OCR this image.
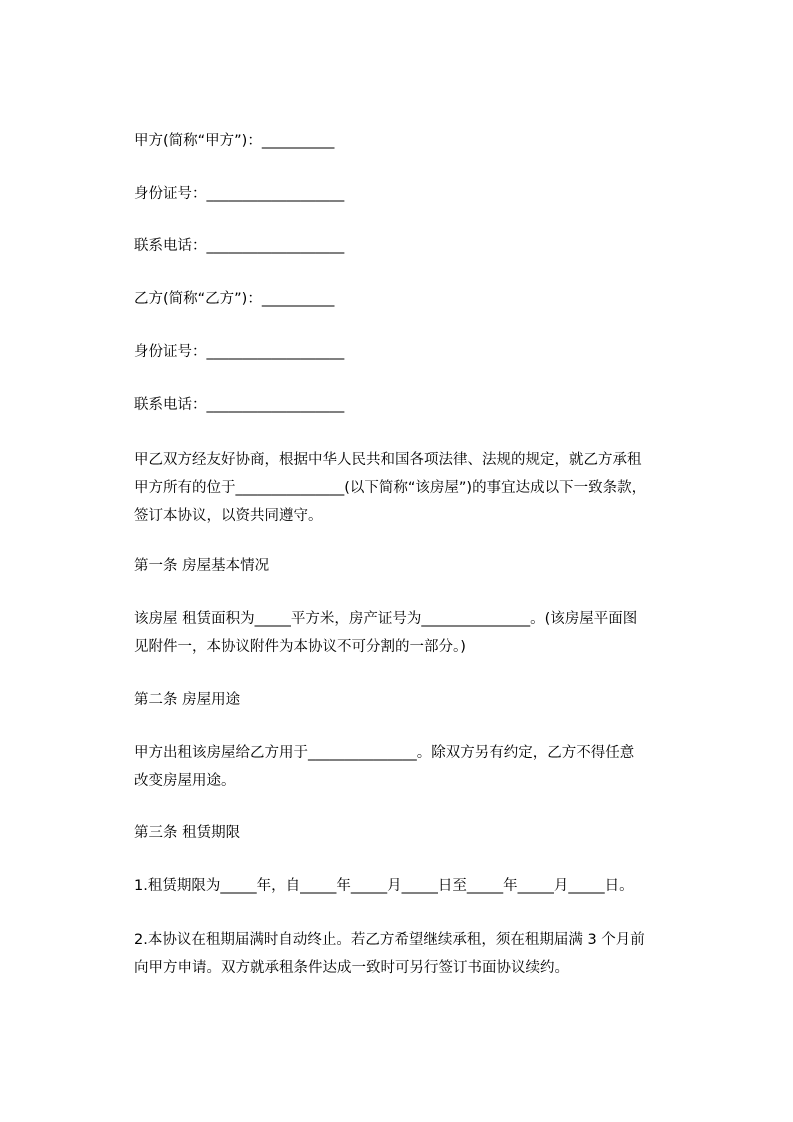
甲方(简称“甲方”)：__________
身份证号：___________________
联系电话：___________________
乙方(简称“乙方”)：__________
身份证号：___________________
联系电话：___________________
甲乙双方经友好协商，根据中华人民共和国各项法律、法规的规定，就乙方承租
甲方所有的位于_______________(以下简称“该房屋”)的事宜达成以下一致条款，
签订本协议，以资共同遵守。
第一条 房屋基本情况
该房屋 租赁面积为_____平方米，房产证号为_______________。(该房屋平面图
见附件一，本协议附件为本协议不可分割的一部分。)
第二条 房屋用途
甲方出租该房屋给乙方用于_______________。除双方另有约定，乙方不得任意
改变房屋用途。
第三条 租赁期限
1.租赁期限为_____年，自_____年_____月_____日至_____年_____月_____日。
2.本协议在租期届满时自动终止。若乙方希望继续承租，须在租期届满 3 个月前
向甲方申请。双方就承租条件达成一致时可另行签订书面协议续约。
